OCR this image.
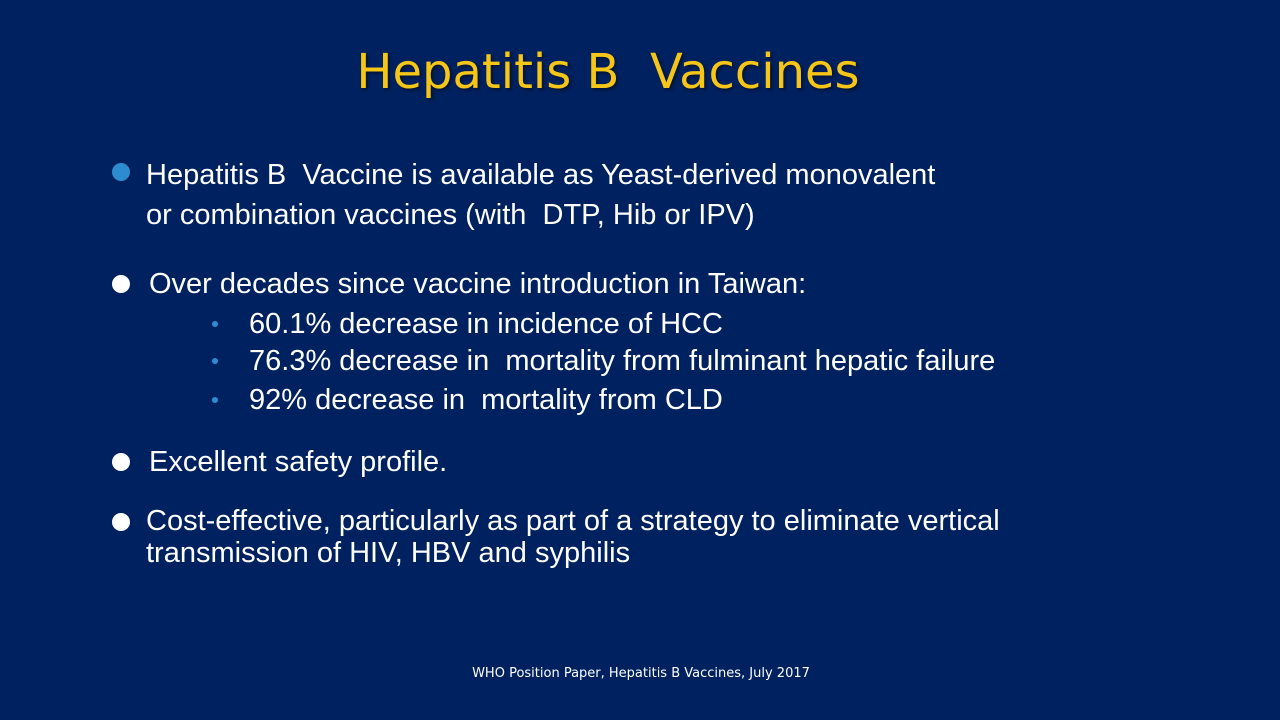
Hepatitis B  Vaccines

Hepatitis B  Vaccine is available as Yeast-derived monovalent
or combination vaccines (with  DTP, Hib or IPV)

Over decades since vaccine introduction in Taiwan:

60.1% decrease in incidence of HCC

76.3% decrease in  mortality from fulminant hepatic failure

92% decrease in  mortality from CLD

Excellent safety profile.

Cost-effective, particularly as part of a strategy to eliminate vertical
transmission of HIV, HBV and syphilis

WHO Position Paper, Hepatitis B Vaccines, July 2017
